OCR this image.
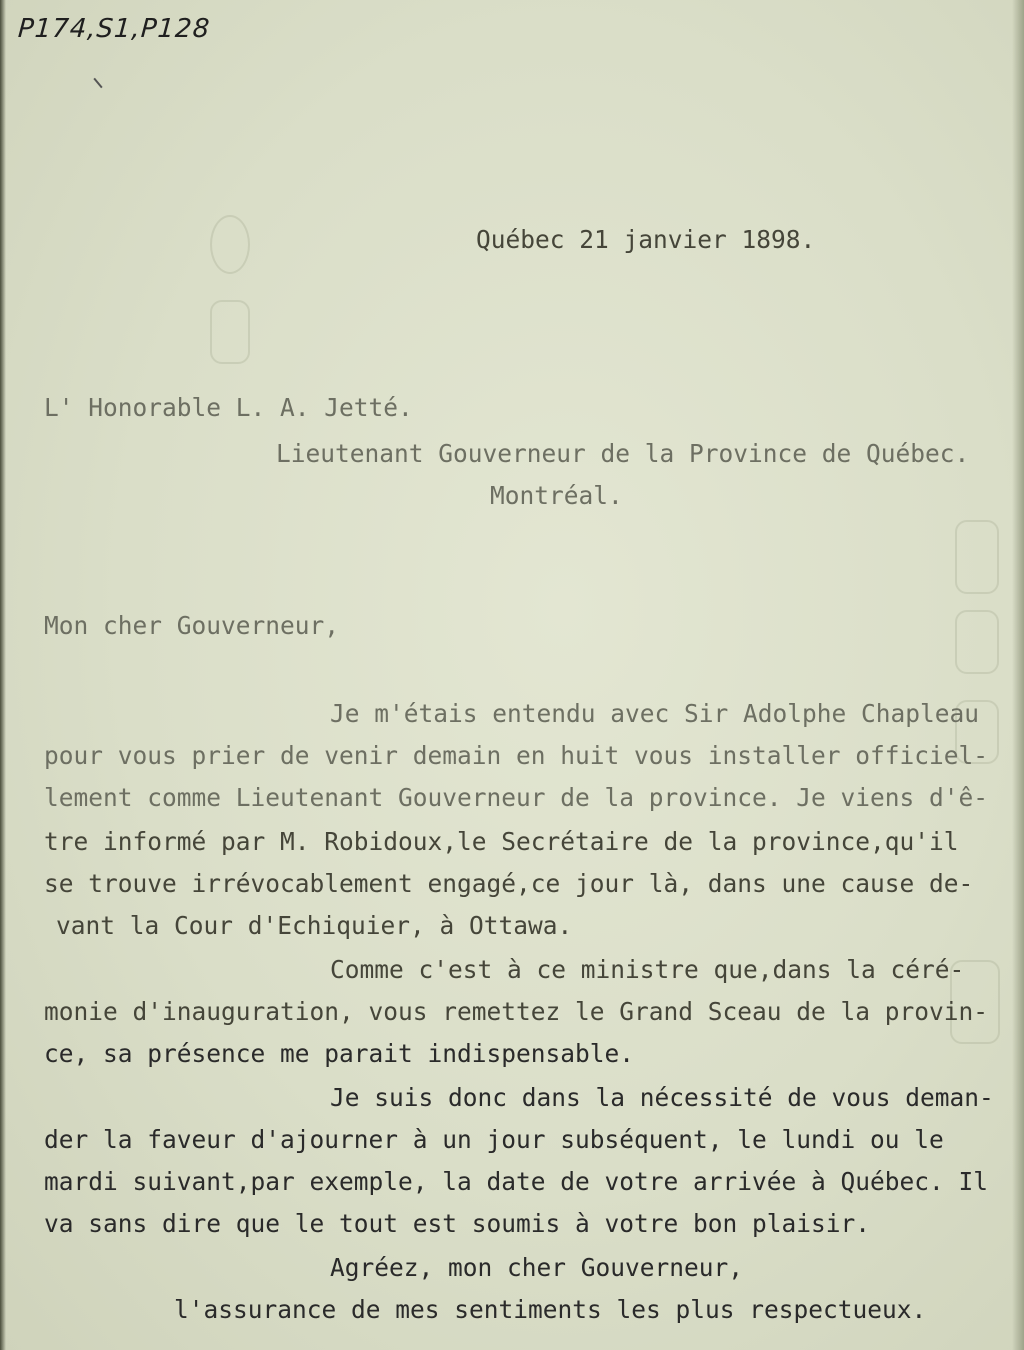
P174,S1,P128
Québec 21 janvier 1898.
L' Honorable L. A. Jetté.
Lieutenant Gouverneur de la Province de Québec.
Montréal.
Mon cher Gouverneur,
Je m'étais entendu avec Sir Adolphe Chapleau
pour vous prier de venir demain en huit vous installer officiel-
lement comme Lieutenant Gouverneur de la province. Je viens d'ê-
tre informé par M. Robidoux,le Secrétaire de la province,qu'il
se trouve irrévocablement engagé,ce jour là, dans une cause de-
vant la Cour d'Echiquier, à Ottawa.
Comme c'est à ce ministre que,dans la céré-
monie d'inauguration, vous remettez le Grand Sceau de la provin-
ce, sa présence me parait indispensable.
Je suis donc dans la nécessité de vous deman-
der la faveur d'ajourner à un jour subséquent, le lundi ou le
mardi suivant,par exemple, la date de votre arrivée à Québec. Il
va sans dire que le tout est soumis à votre bon plaisir.
Agréez, mon cher Gouverneur,
l'assurance de mes sentiments les plus respectueux.
